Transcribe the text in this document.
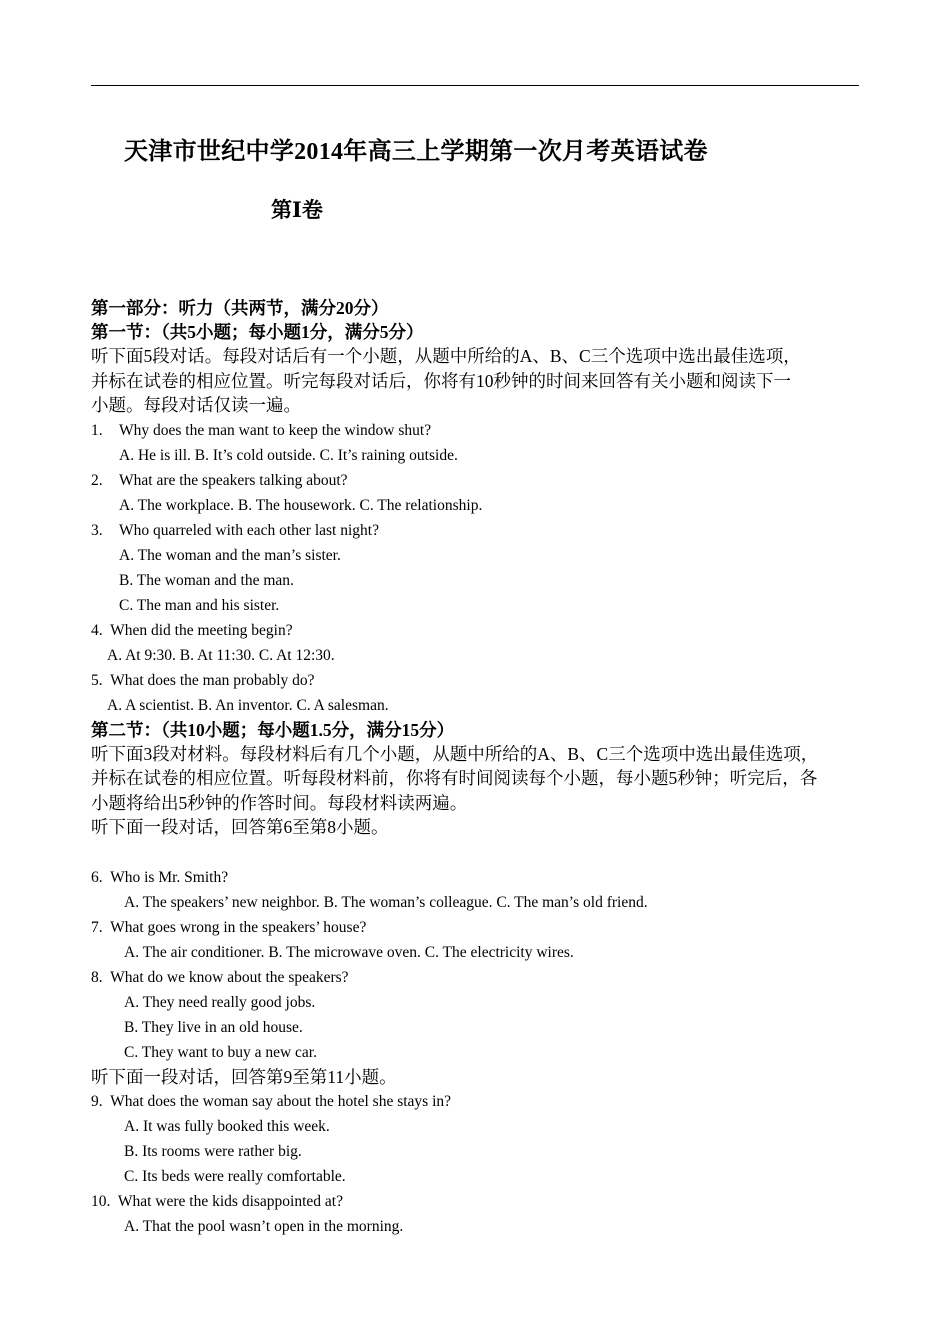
天津市世纪中学2014年高三上学期第一次月考英语试卷
第Ⅰ卷
第一部分：听力（共两节，满分20分）
第一节：（共5小题；每小题1分，满分5分）
听下面5段对话。每段对话后有一个小题，从题中所给的A、B、C三个选项中选出最佳选项，
并标在试卷的相应位置。听完每段对话后，你将有10秒钟的时间来回答有关小题和阅读下一
小题。每段对话仅读一遍。
1. Why does the man want to keep the window shut?
A. He is ill. B. It’s cold outside. C. It’s raining outside.
2. What are the speakers talking about?
A. The workplace. B. The housework. C. The relationship.
3. Who quarreled with each other last night?
A. The woman and the man’s sister.
B. The woman and the man.
C. The man and his sister.
4. When did the meeting begin?
A. At 9:30. B. At 11:30. C. At 12:30.
5. What does the man probably do?
A. A scientist. B. An inventor. C. A salesman.
第二节：（共10小题；每小题1.5分，满分15分）
听下面3段对材料。每段材料后有几个小题，从题中所给的A、B、C三个选项中选出最佳选项，
并标在试卷的相应位置。听每段材料前，你将有时间阅读每个小题，每小题5秒钟；听完后，各
小题将给出5秒钟的作答时间。每段材料读两遍。
听下面一段对话，回答第6至第8小题。
6. Who is Mr. Smith?
A. The speakers’ new neighbor. B. The woman’s colleague. C. The man’s old friend.
7. What goes wrong in the speakers’ house?
A. The air conditioner. B. The microwave oven. C. The electricity wires.
8. What do we know about the speakers?
A. They need really good jobs.
B. They live in an old house.
C. They want to buy a new car.
听下面一段对话，回答第9至第11小题。
9. What does the woman say about the hotel she stays in?
A. It was fully booked this week.
B. Its rooms were rather big.
C. Its beds were really comfortable.
10. What were the kids disappointed at?
A. That the pool wasn’t open in the morning.
